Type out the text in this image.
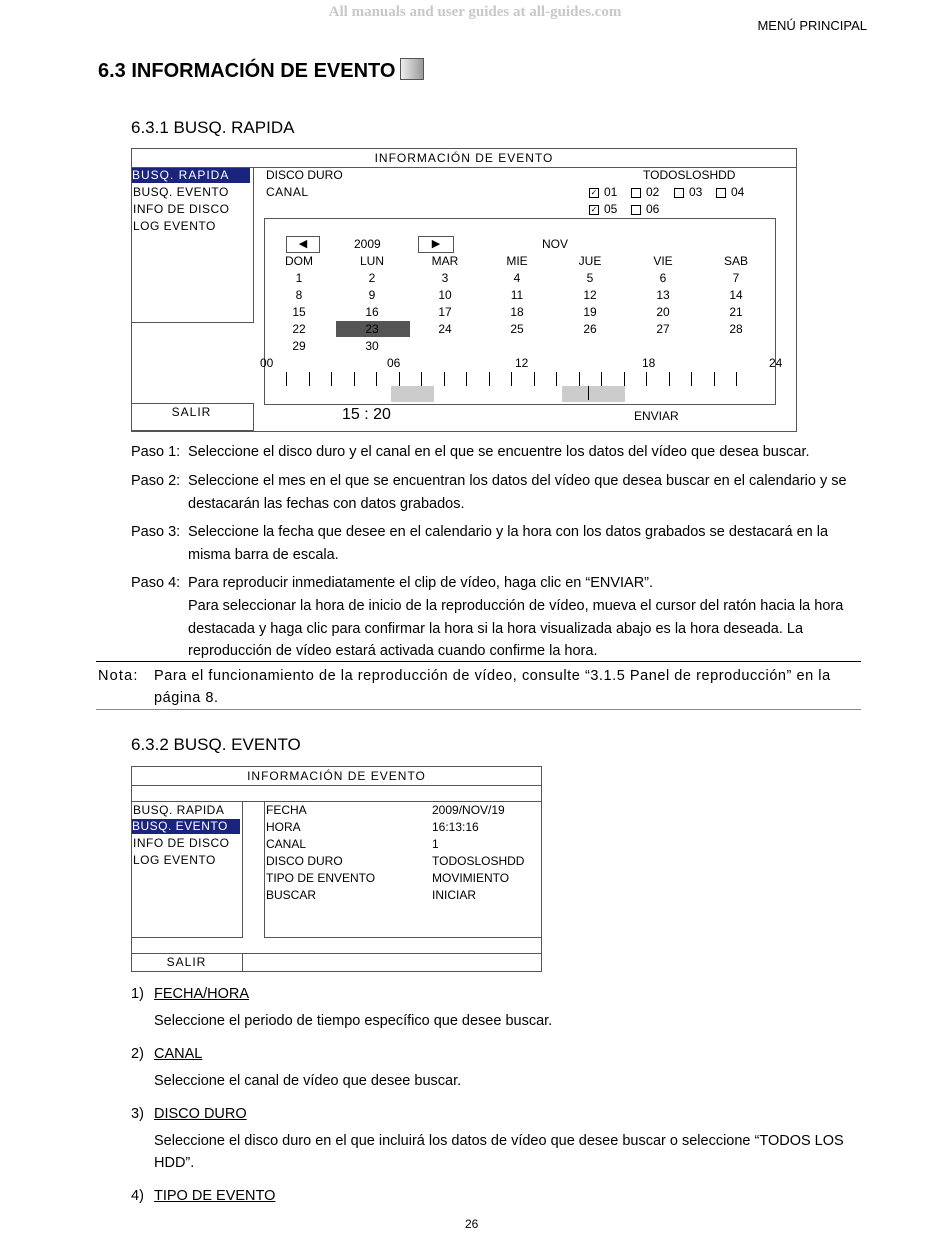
All manuals and user guides at all-guides.com
MENÚ PRINCIPAL
6.3 INFORMACIÓN DE EVENTO
6.3.1 BUSQ. RAPIDA
INFORMACIÓN DE EVENTO
BUSQ. RAPIDA
BUSQ. EVENTO
INFO DE DISCO
LOG EVENTO
DISCO DURO	TODOSLOSHDD
CANAL	✓ 01	02	03	04
✓ 05	06
◀	2009	▶	NOV
DOM	LUN	MAR	MIE	JUE	VIE	SAB
1	2	3	4	5	6	7
8	9	10	11	12	13	14
15	16	17	18	19	20	21
22	23	24	25	26	27	28
29	30
00	06	12	18	24
SALIR	15 : 20	ENVIAR
Paso 1: Seleccione el disco duro y el canal en el que se encuentre los datos del vídeo que desea buscar.
Paso 2: Seleccione el mes en el que se encuentran los datos del vídeo que desea buscar en el calendario y se
destacarán las fechas con datos grabados.
Paso 3: Seleccione la fecha que desee en el calendario y la hora con los datos grabados se destacará en la
misma barra de escala.
Paso 4: Para reproducir inmediatamente el clip de vídeo, haga clic en “ENVIAR”.
Para seleccionar la hora de inicio de la reproducción de vídeo, mueva el cursor del ratón hacia la hora
destacada y haga clic para confirmar la hora si la hora visualizada abajo es la hora deseada. La
reproducción de vídeo estará activada cuando confirme la hora.
Nota: Para el funcionamiento de la reproducción de vídeo, consulte “3.1.5 Panel de reproducción” en la
página 8.
6.3.2 BUSQ. EVENTO
INFORMACIÓN DE EVENTO
BUSQ. RAPIDA
BUSQ. EVENTO
INFO DE DISCO
LOG EVENTO
FECHA	2009/NOV/19
HORA	16:13:16
CANAL	1
DISCO DURO	TODOSLOSHDD
TIPO DE ENVENTO	MOVIMIENTO
BUSCAR	INICIAR
SALIR
1) FECHA/HORA
Seleccione el periodo de tiempo específico que desee buscar.
2) CANAL
Seleccione el canal de vídeo que desee buscar.
3) DISCO DURO
Seleccione el disco duro en el que incluirá los datos de vídeo que desee buscar o seleccione “TODOS LOS
HDD”.
4) TIPO DE EVENTO
26
